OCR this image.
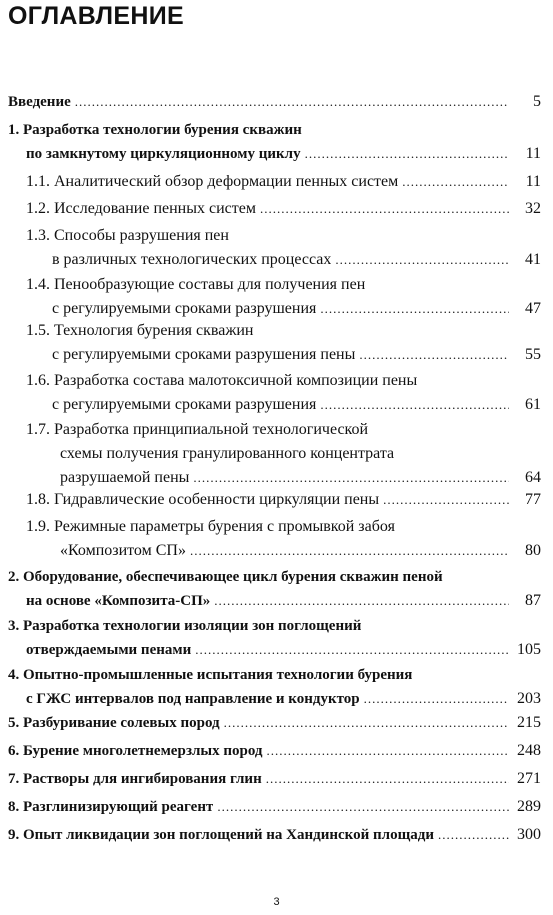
ОГЛАВЛЕНИЕ
Введение .....	5
1. Разработка технологии бурения скважин
по замкнутому циркуляционному циклу .....	11
1.1. Аналитический обзор деформации пенных систем .....	11
1.2. Исследование пенных систем .....	32
1.3. Способы разрушения пен
в различных технологических процессах .....	41
1.4. Пенообразующие составы для получения пен
с регулируемыми сроками разрушения .....	47
1.5. Технология бурения скважин
с регулируемыми сроками разрушения пены .....	55
1.6. Разработка состава малотоксичной композиции пены
с регулируемыми сроками разрушения .....	61
1.7. Разработка принципиальной технологической
схемы получения гранулированного концентрата
разрушаемой пены .....	64
1.8. Гидравлические особенности циркуляции пены .....	77
1.9. Режимные параметры бурения с промывкой забоя
«Композитом СП» .....	80
2. Оборудование, обеспечивающее цикл бурения скважин пеной
на основе «Композита-СП» .....	87
3. Разработка технологии изоляции зон поглощений
отверждаемыми пенами .....	105
4. Опытно-промышленные испытания технологии бурения
с ГЖС интервалов под направление и кондуктор .....	203
5. Разбуривание солевых пород .....	215
6. Бурение многолетнемерзлых пород .....	248
7. Растворы для ингибирования глин .....	271
8. Разглинизирующий реагент .....	289
9. Опыт ликвидации зон поглощений на Хандинской площади .....	300
3
